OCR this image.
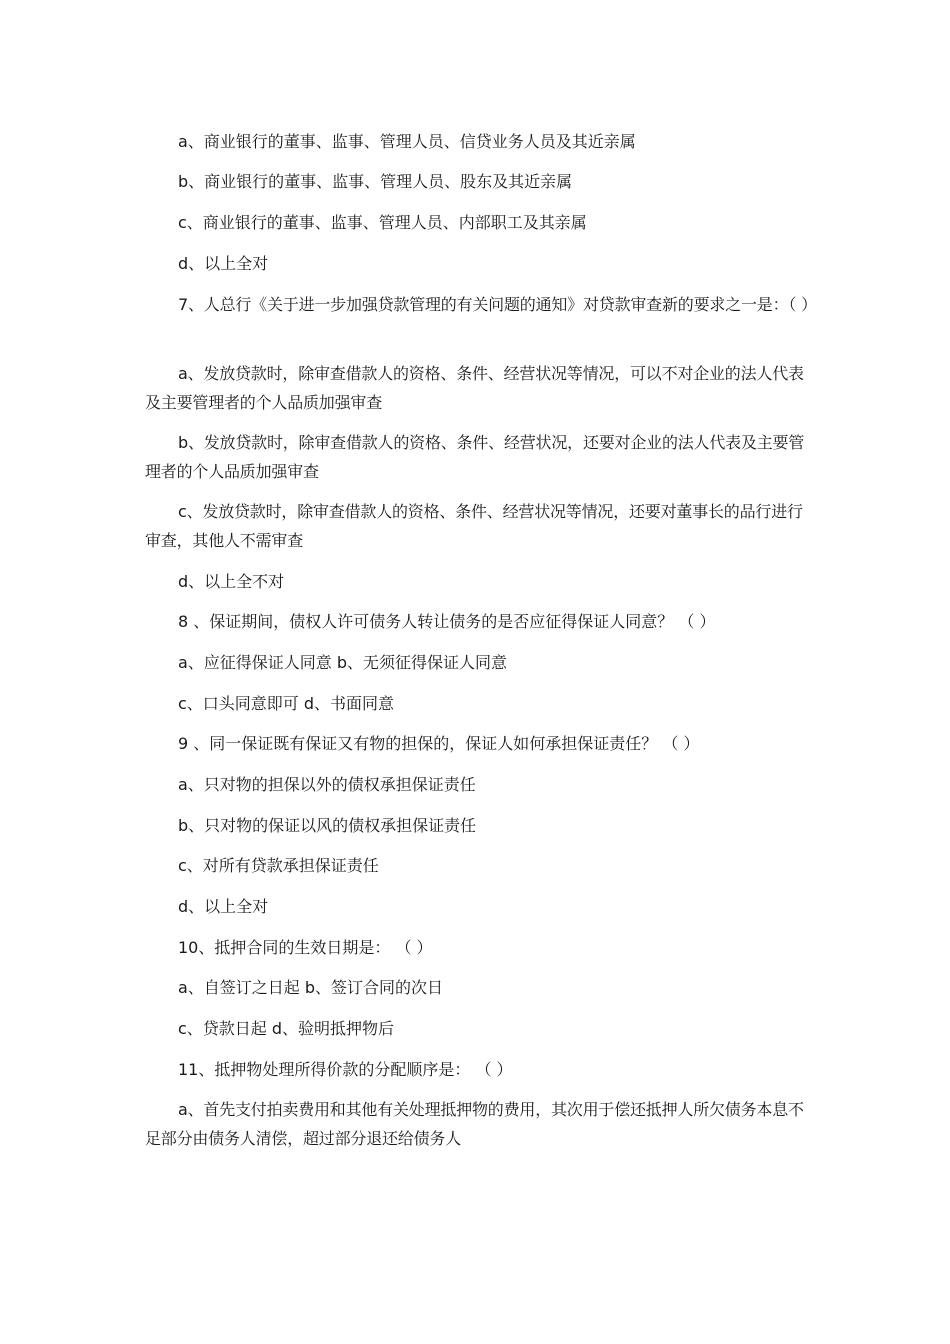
a、商业银行的董事、监事、管理人员、信贷业务人员及其近亲属
b、商业银行的董事、监事、管理人员、股东及其近亲属
c、商业银行的董事、监事、管理人员、内部职工及其亲属
d、以上全对
7、人总行《关于进一步加强贷款管理的有关问题的通知》对贷款审查新的要求之一是：（ ）
a、发放贷款时，除审查借款人的资格、条件、经营状况等情况，可以不对企业的法人代表及主要管理者的个人品质加强审查
b、发放贷款时，除审查借款人的资格、条件、经营状况，还要对企业的法人代表及主要管理者的个人品质加强审查
c、发放贷款时，除审查借款人的资格、条件、经营状况等情况，还要对董事长的品行进行审查，其他人不需审查
d、以上全不对
8 、保证期间，债权人许可债务人转让债务的是否应征得保证人同意？ （ ）
a、应征得保证人同意 b、无须征得保证人同意
c、口头同意即可 d、书面同意
9 、同一保证既有保证又有物的担保的，保证人如何承担保证责任？ （ ）
a、只对物的担保以外的债权承担保证责任
b、只对物的保证以风的债权承担保证责任
c、对所有贷款承担保证责任
d、以上全对
10、抵押合同的生效日期是： （ ）
a、自签订之日起 b、签订合同的次日
c、贷款日起 d、验明抵押物后
11、抵押物处理所得价款的分配顺序是： （ ）
a、首先支付拍卖费用和其他有关处理抵押物的费用，其次用于偿还抵押人所欠债务本息不足部分由债务人清偿，超过部分退还给债务人
